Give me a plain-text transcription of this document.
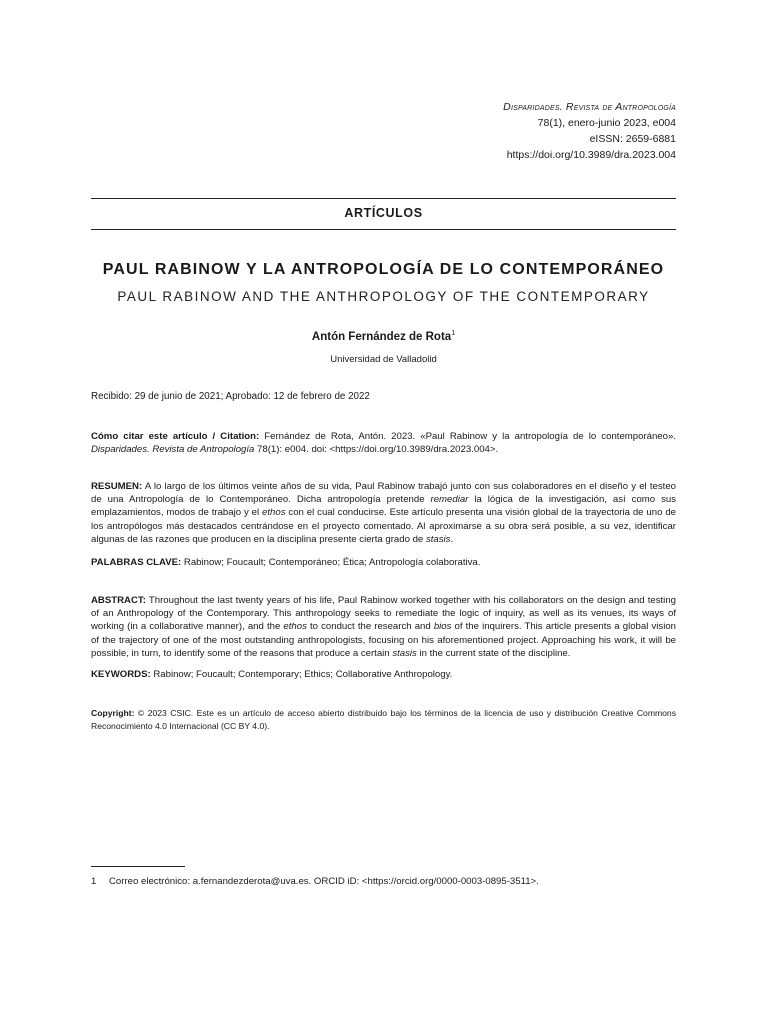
Disparidades. Revista de Antropología
78(1), enero-junio 2023, e004
eISSN: 2659-6881
https://doi.org/10.3989/dra.2023.004
ARTÍCULOS
PAUL RABINOW Y LA ANTROPOLOGÍA DE LO CONTEMPORÁNEO
PAUL RABINOW AND THE ANTHROPOLOGY OF THE CONTEMPORARY
Antón Fernández de Rota$^1$
Universidad de Valladolid
Recibido: 29 de junio de 2021; Aprobado: 12 de febrero de 2022
Cómo citar este artículo / Citation: Fernández de Rota, Antón. 2023. «Paul Rabinow y la antropología de lo contemporáneo». Disparidades. Revista de Antropología 78(1): e004. doi: <https://doi.org/10.3989/dra.2023.004>.
RESUMEN: A lo largo de los últimos veinte años de su vida, Paul Rabinow trabajó junto con sus colaboradores en el diseño y el testeo de una Antropología de lo Contemporáneo. Dicha antropología pretende remediar la lógica de la investigación, así como sus emplazamientos, modos de trabajo y el ethos con el cual conducirse. Este artículo presenta una visión global de la trayectoria de uno de los antropólogos más destacados centrándose en el proyecto comentado. Al aproximarse a su obra será posible, a su vez, identificar algunas de las razones que producen en la disciplina presente cierta grado de stasis.
PALABRAS CLAVE: Rabinow; Foucault; Contemporáneo; Ética; Antropología colaborativa.
ABSTRACT: Throughout the last twenty years of his life, Paul Rabinow worked together with his collaborators on the design and testing of an Anthropology of the Contemporary. This anthropology seeks to remediate the logic of inquiry, as well as its venues, its ways of working (in a collaborative manner), and the ethos to conduct the research and bios of the inquirers. This article presents a global vision of the trajectory of one of the most outstanding anthropologists, focusing on his aforementioned project. Approaching his work, it will be possible, in turn, to identify some of the reasons that produce a certain stasis in the current state of the discipline.
KEYWORDS: Rabinow; Foucault; Contemporary; Ethics; Collaborative Anthropology.
Copyright: © 2023 CSIC. Este es un artículo de acceso abierto distribuido bajo los términos de la licencia de uso y distribución Creative Commons Reconocimiento 4.0 Internacional (CC BY 4.0).
1 Correo electrónico: a.fernandezderota@uva.es. ORCID iD: <https://orcid.org/0000-0003-0895-3511>.
